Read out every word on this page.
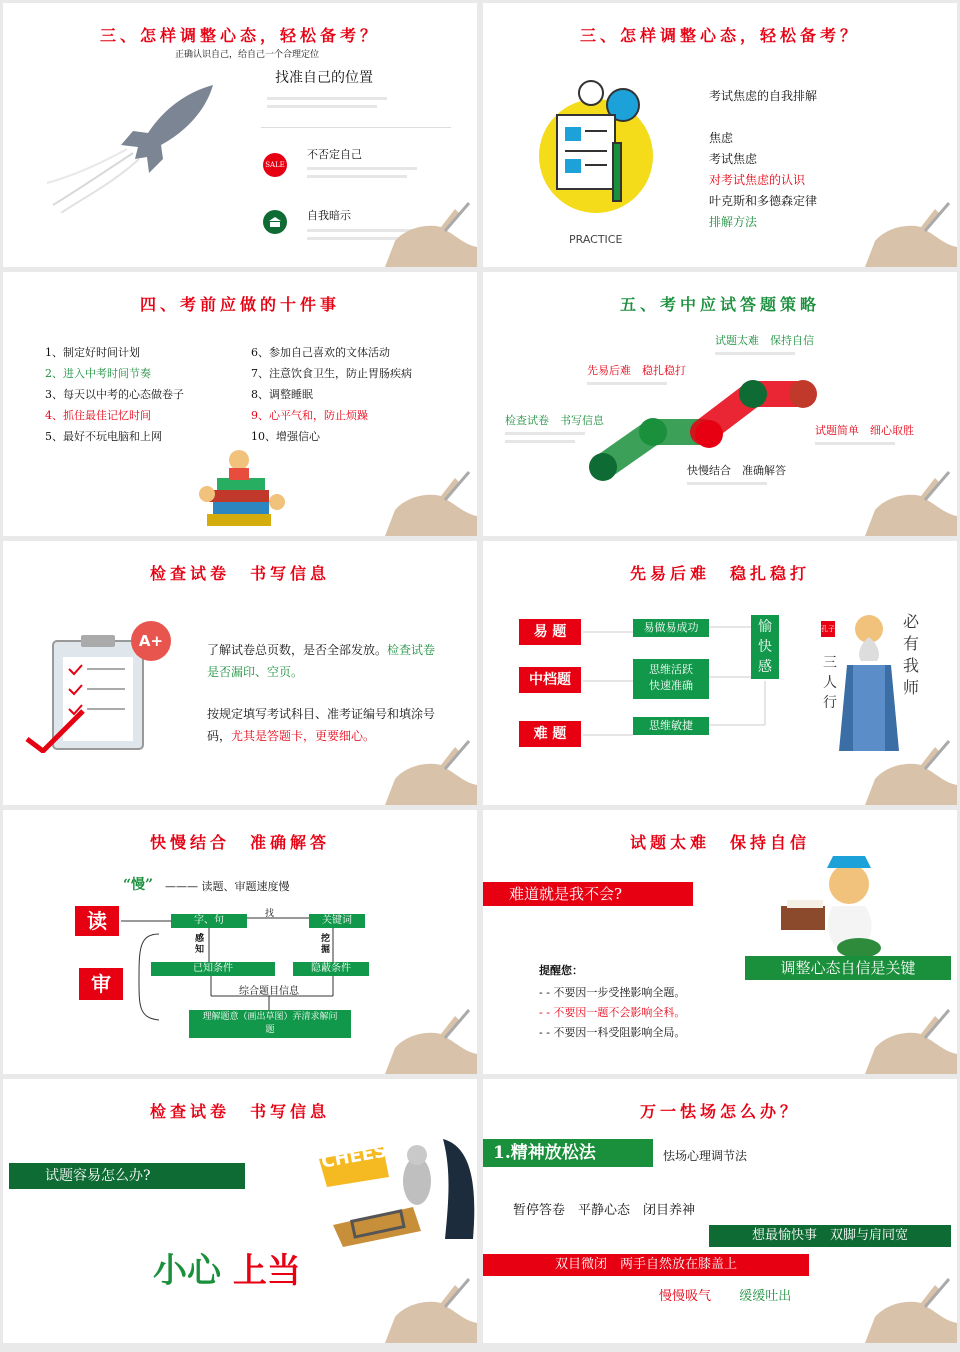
三、怎样调整心态，轻松备考？
正确认识自己，给自己一个合理定位
找准自己的位置
SALE
不否定自己
自我暗示
三、怎样调整心态，轻松备考？
PRACTICE
考试焦虑的自我排解
焦虑
考试焦虑
对考试焦虑的认识
叶克斯和多德森定律
排解方法
四、考前应做的十件事
1、制定好时间计划
2、进入中考时间节奏
3、每天以中考的心态做卷子
4、抓住最佳记忆时间
5、最好不玩电脑和上网
6、参加自己喜欢的文体活动
7、注意饮食卫生，防止胃肠疾病
8、调整睡眠
9、心平气和，防止烦躁
10、增强信心
五、考中应试答题策略
检查试卷　书写信息
先易后难　稳扎稳打
试题太难　保持自信
快慢结合　准确解答
试题简单　细心取胜
检查试卷　书写信息
A+	了解试卷总页数，是否全部发放。检查试卷是否漏印、空页。
按规定填写考试科目、准考证编号和填涂号码，尤其是答题卡，更要细心。
先易后难　稳扎稳打
易 题
中档题
难 题
易做易成功
思维活跃
快速准确
思维敏捷
愉
快
感
孔子	必
有
我
师
三
人
行
快慢结合　准确解答
“慢” ——— 读题、审题速度慢
读
审
字、句
找
关键词
感知
挖掘
已知条件	隐蔽条件
综合题目信息
理解题意（画出草图）弄清求解问题
试题太难　保持自信
难道就是我不会?
调整心态自信是关键
提醒您：
- - 不要因一步受挫影响全题。
- - 不要因一题不会影响全科。
- - 不要因一科受阻影响全局。
检查试卷　书写信息
试题容易怎么办?
CHEESE
小心 上当
万一怯场怎么办？
1.精神放松法	怯场心理调节法
暂停答卷　平静心态　闭目养神
想最愉快事　双脚与肩同宽
双目微闭　两手自然放在膝盖上
慢慢吸气 缓缓吐出
